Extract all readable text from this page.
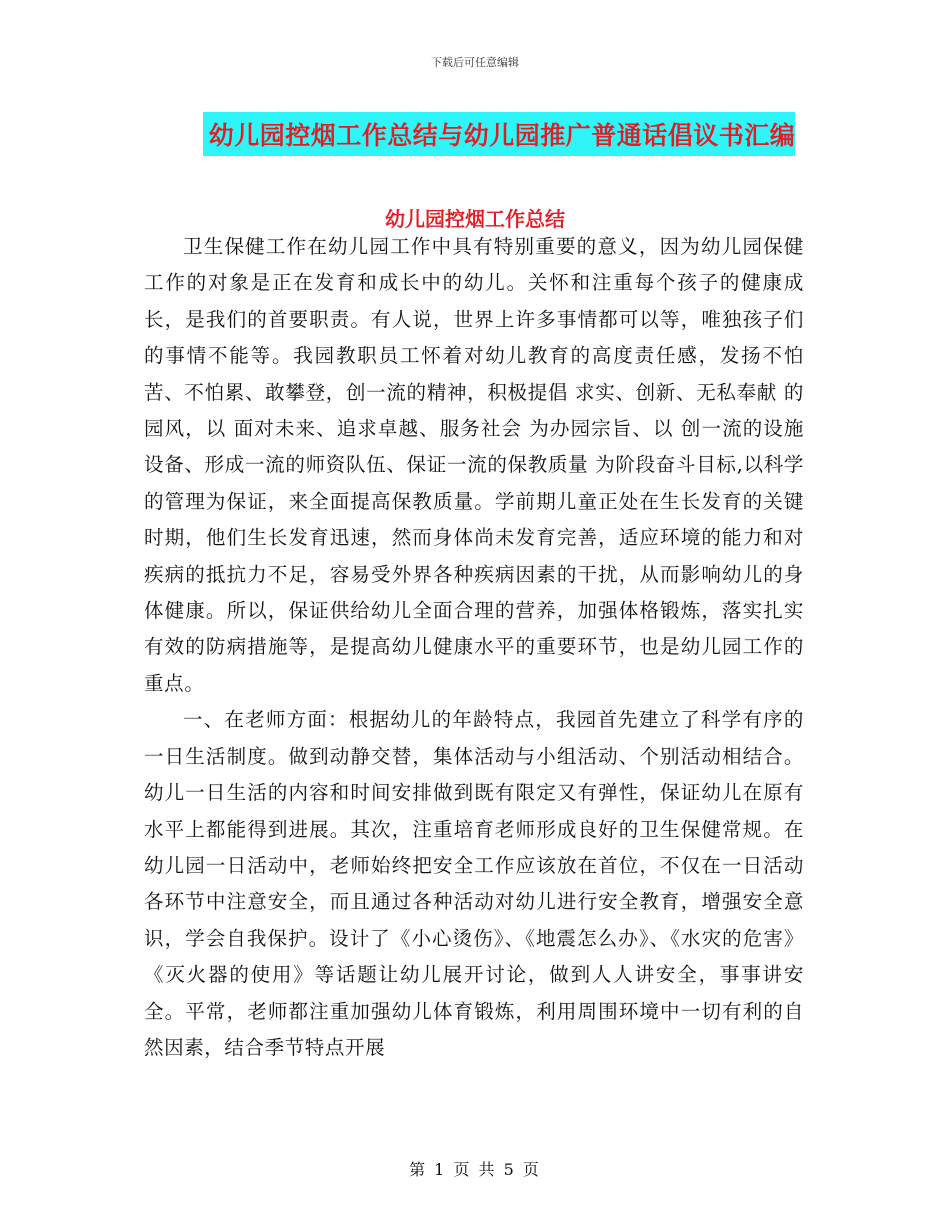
下载后可任意编辑
幼儿园控烟工作总结与幼儿园推广普通话倡议书汇编
幼儿园控烟工作总结

卫生保健工作在幼儿园工作中具有特别重要的意义，因为幼儿园保健工作的对象是正在发育和成长中的幼儿。关怀和注重每个孩子的健康成长，是我们的首要职责。有人说，世界上许多事情都可以等，唯独孩子们的事情不能等。我园教职员工怀着对幼儿教育的高度责任感，发扬不怕苦、不怕累、敢攀登，创一流的精神，积极提倡 求实、创新、无私奉献 的园风，以 面对未来、追求卓越、服务社会 为办园宗旨、以 创一流的设施设备、形成一流的师资队伍、保证一流的保教质量 为阶段奋斗目标,以科学的管理为保证，来全面提高保教质量。学前期儿童正处在生长发育的关键时期，他们生长发育迅速，然而身体尚未发育完善，适应环境的能力和对疾病的抵抗力不足，容易受外界各种疾病因素的干扰，从而影响幼儿的身体健康。所以，保证供给幼儿全面合理的营养，加强体格锻炼，落实扎实有效的防病措施等，是提高幼儿健康水平的重要环节，也是幼儿园工作的重点。

一、在老师方面：根据幼儿的年龄特点，我园首先建立了科学有序的一日生活制度。做到动静交替，集体活动与小组活动、个别活动相结合。幼儿一日生活的内容和时间安排做到既有限定又有弹性，保证幼儿在原有水平上都能得到进展。其次，注重培育老师形成良好的卫生保健常规。在幼儿园一日活动中，老师始终把安全工作应该放在首位，不仅在一日活动各环节中注意安全，而且通过各种活动对幼儿进行安全教育，增强安全意识，学会自我保护。设计了《小心烫伤》、《地震怎么办》、《水灾的危害》《灭火器的使用》等话题让幼儿展开讨论，做到人人讲安全，事事讲安全。平常，老师都注重加强幼儿体育锻炼，利用周围环境中一切有利的自然因素，结合季节特点开展

第 1 页 共 5 页
